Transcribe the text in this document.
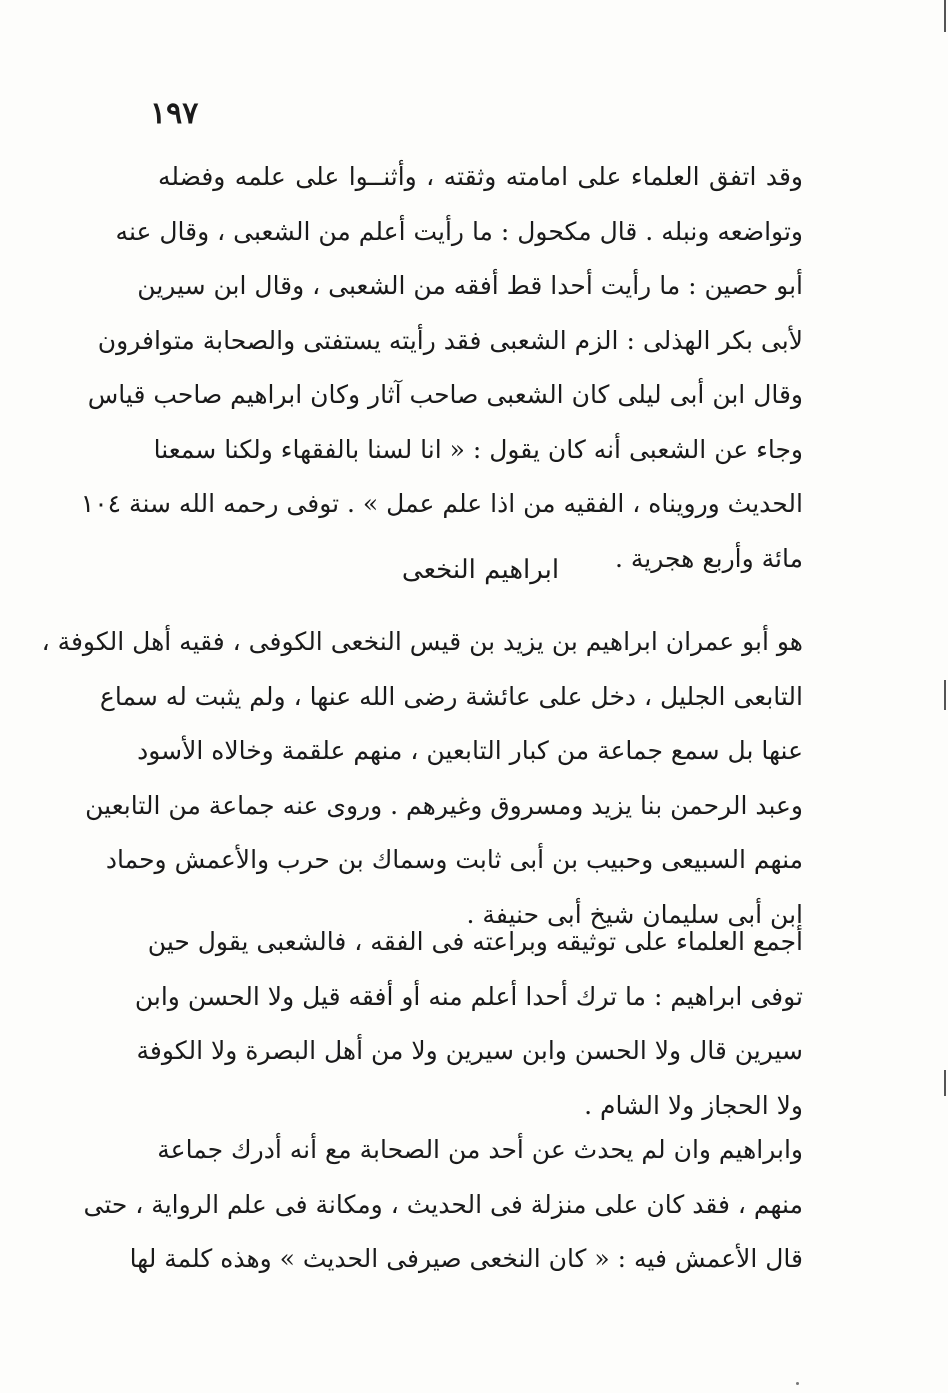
١٩٧
وقد اتفق العلماء على امامته وثقته ، وأثنــوا على علمه وفضله
وتواضعه ونبله . قال مكحول : ما رأيت أعلم من الشعبى ، وقال عنه
أبو حصين : ما رأيت أحدا قط أفقه من الشعبى ، وقال ابن سيرين
لأبى بكر الهذلى : الزم الشعبى فقد رأيته يستفتى والصحابة متوافرون
وقال ابن أبى ليلى كان الشعبى صاحب آثار وكان ابراهيم صاحب قياس
وجاء عن الشعبى أنه كان يقول : « انا لسنا بالفقهاء ولكنا سمعنا
الحديث ورويناه ، الفقيه من اذا علم عمل » . توفى رحمه الله سنة ١٠٤
مائة وأربع هجرية .
ابراهيم النخعى
هو أبو عمران ابراهيم بن يزيد بن قيس النخعى الكوفى ، فقيه أهل الكوفة ،
التابعى الجليل ، دخل على عائشة رضى الله عنها ، ولم يثبت له سماع
عنها بل سمع جماعة من كبار التابعين ، منهم علقمة وخالاه الأسود
وعبد الرحمن بنا يزيد ومسروق وغيرهم . وروى عنه جماعة من التابعين
منهم السبيعى وحبيب بن أبى ثابت وسماك بن حرب والأعمش وحماد
ابن أبى سليمان شيخ أبى حنيفة .
أجمع العلماء على توثيقه وبراعته فى الفقه ، فالشعبى يقول حين
توفى ابراهيم : ما ترك أحدا أعلم منه أو أفقه قيل ولا الحسن وابن
سيرين قال ولا الحسن وابن سيرين ولا من أهل البصرة ولا الكوفة
ولا الحجاز ولا الشام .
وابراهيم وان لم يحدث عن أحد من الصحابة مع أنه أدرك جماعة
منهم ، فقد كان على منزلة فى الحديث ، ومكانة فى علم الرواية ، حتى
قال الأعمش فيه : « كان النخعى صيرفى الحديث » وهذه كلمة لها
